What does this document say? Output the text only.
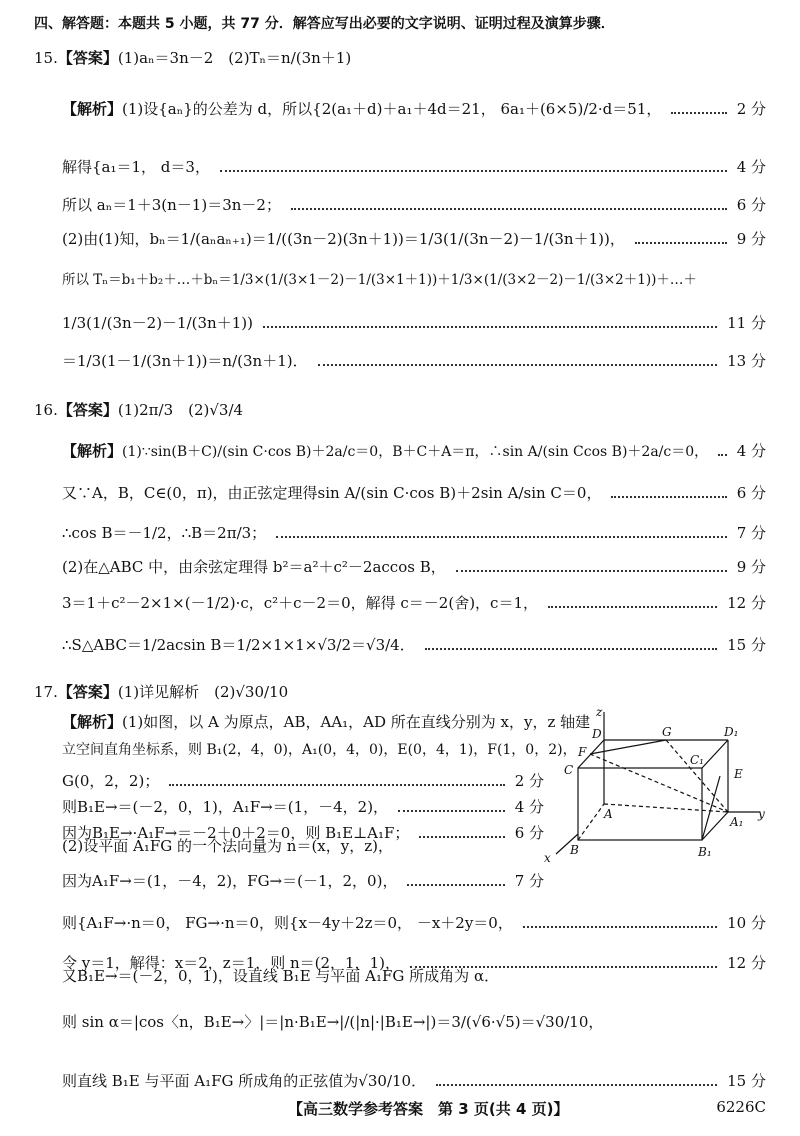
四、解答题：本题共 5 小题，共 77 分．解答应写出必要的文字说明、证明过程及演算步骤．
15.【答案】(1)aₙ＝3n－2　(2)Tₙ＝n/(3n＋1)
【解析】 (1)设{aₙ}的公差为 d，所以{2(a₁＋d)＋a₁＋4d＝21， 6a₁＋(6×5)/2·d＝51，	2 分
解得{a₁＝1， d＝3，	4 分
所以 aₙ＝1＋3(n－1)＝3n－2；	6 分
(2)由(1)知，bₙ＝1/(aₙaₙ₊₁)＝1/((3n－2)(3n＋1))＝1/3(1/(3n－2)－1/(3n＋1))，	9 分
所以 Tₙ＝b₁＋b₂＋…＋bₙ＝1/3×(1/(3×1－2)－1/(3×1＋1))＋1/3×(1/(3×2－2)－1/(3×2＋1))＋…＋
1/3(1/(3n－2)－1/(3n＋1))	11 分
＝1/3(1－1/(3n＋1))＝n/(3n＋1)．	13 分
16.【答案】(1)2π/3　(2)√3/4
【解析】 (1)∵sin(B＋C)/(sin C·cos B)＋2a/c＝0，B＋C＋A＝π，∴sin A/(sin Ccos B)＋2a/c＝0， 4 分
又∵A，B，C∈(0，π)，由正弦定理得sin A/(sin C·cos B)＋2sin A/sin C＝0，	6 分
∴cos B＝－1/2，∴B＝2π/3；	7 分
(2)在△ABC 中，由余弦定理得 b²＝a²＋c²－2accos B，	9 分
3＝1＋c²－2×1×(－1/2)·c，c²＋c－2＝0，解得 c＝－2(舍)，c＝1，	12 分
∴S△ABC＝1/2acsin B＝1/2×1×1×√3/2＝√3/4．	15 分
17.【答案】(1)详见解析　(2)√30/10
【解析】(1)如图，以 A 为原点，AB，AA₁，AD 所在直线分别为 x，y，z 轴建
立空间直角坐标系，则 B₁(2，4，0)，A₁(0，4，0)，E(0，4，1)，F(1，0，2)，
G(0，2，2)；	2 分
则B₁E→＝(－2，0，1)，A₁F→＝(1，－4，2)，	4 分
因为B₁E→·A₁F→＝－2＋0＋2＝0，则 B₁E⊥A₁F；	6 分
(2)设平面 A₁FG 的一个法向量为 n＝(x，y，z)，
因为A₁F→＝(1，－4，2)，FG→＝(－1，2，0)，	7 分
则{A₁F→·n＝0， FG→·n＝0，则{x－4y＋2z＝0， －x＋2y＝0，	10 分
令 y＝1，解得：x＝2，z＝1，则 n＝(2，1，1)，	12 分
又B₁E→＝(－2，0，1)，设直线 B₁E 与平面 A₁FG 所成角为 α．
则 sin α＝|cos〈n，B₁E→〉|＝|n·B₁E→|/(|n|·|B₁E→|)＝3/(√6·√5)＝√30/10，
则直线 B₁E 与平面 A₁FG 所成角的正弦值为√30/10．	15 分
z
D	G	D₁
F
C
C₁
E
A
A₁
y
B	B₁
x
【高三数学参考答案　第 3 页(共 4 页)】	6226C
